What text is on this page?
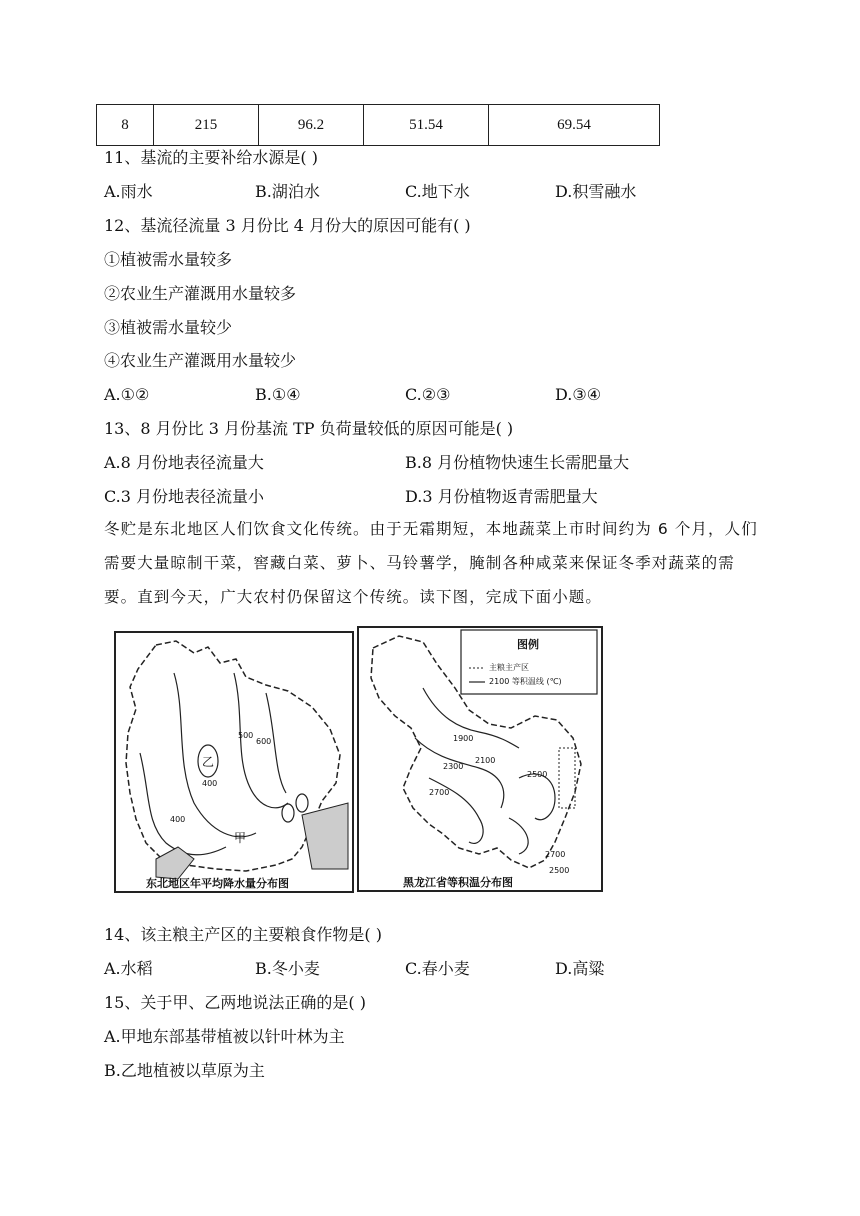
8	215	96.2	51.54	69.54
11、基流的主要补给水源是( )
A.雨水	B.湖泊水	C.地下水	D.积雪融水
12、基流径流量 3 月份比 4 月份大的原因可能有( )
①植被需水量较多
②农业生产灌溉用水量较多
③植被需水量较少
④农业生产灌溉用水量较少
A.①②	B.①④	C.②③	D.③④
13、8 月份比 3 月份基流 TP 负荷量较低的原因可能是( )
A.8 月份地表径流量大	B.8 月份植物快速生长需肥量大
C.3 月份地表径流量小	D.3 月份植物返青需肥量大
冬贮是东北地区人们饮食文化传统。由于无霜期短，本地蔬菜上市时间约为 6 个月，人们需要大量晾制干菜，窖藏白菜、萝卜、马铃薯学，腌制各种咸菜来保证冬季对蔬菜的需要。直到今天，广大农村仍保留这个传统。读下图，完成下面小题。
乙
甲
400
500
600
400
东北地区年平均降水量分布图
图例
主粮主产区
2100 等积温线 (℃)
1900
2100
2300
2500
2700
2700
2500
黑龙江省等积温分布图
14、该主粮主产区的主要粮食作物是( )
A.水稻	B.冬小麦	C.春小麦	D.高粱
15、关于甲、乙两地说法正确的是( )
A.甲地东部基带植被以针叶林为主
B.乙地植被以草原为主
